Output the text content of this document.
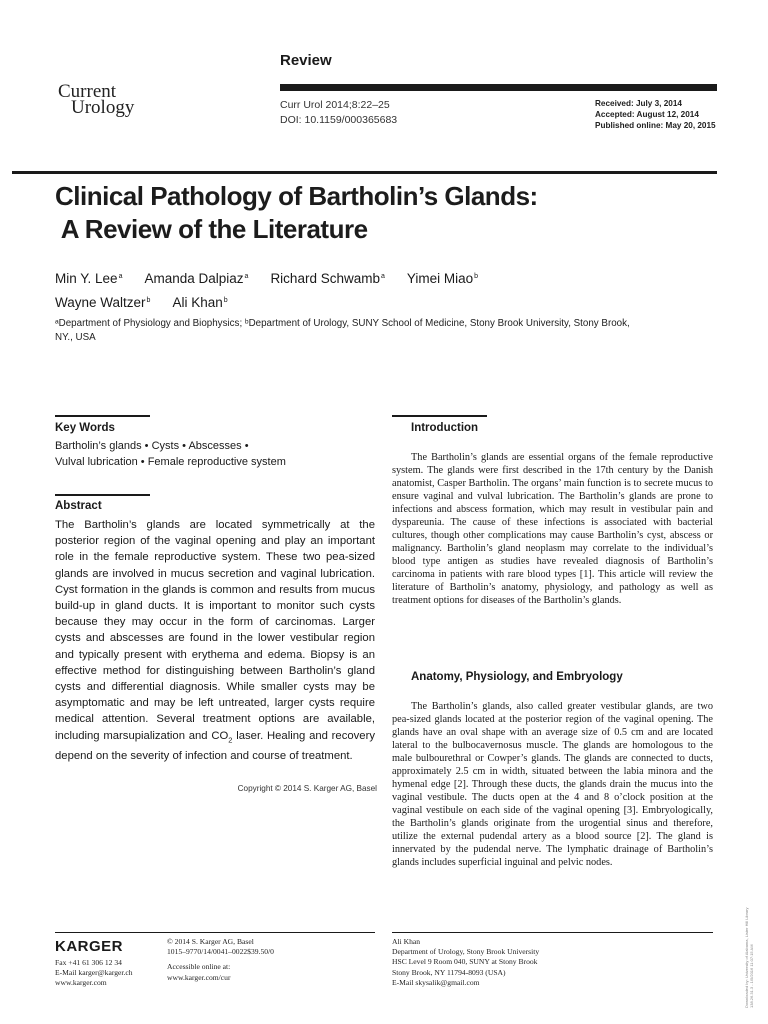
Current
Urology
Review
Curr Urol 2014;8:22–25
DOI: 10.1159/000365683
Received: July 3, 2014
Accepted: August 12, 2014
Published online: May 20, 2015
Clinical Pathology of Bartholin’s Glands:
A Review of the Literature
Min Y. Lee$^a$ Amanda Dalpiaz$^a$ Richard Schwamb$^a$ Yimei Miao$^b$
Wayne Waltzer$^b$ Ali Khan$^b$
ᵃDepartment of Physiology and Biophysics; ᵇDepartment of Urology, SUNY School of Medicine, Stony Brook University, Stony Brook, NY., USA
Key Words
Bartholin’s glands • Cysts • Abscesses •
Vulval lubrication • Female reproductive system
Abstract
The Bartholin’s glands are located symmetrically at the posterior region of the vaginal opening and play an important role in the female reproductive system. These two pea-sized glands are involved in mucus secretion and vaginal lubrication. Cyst formation in the glands is common and results from mucus build-up in gland ducts. It is important to monitor such cysts because they may occur in the form of carcinomas. Larger cysts and abscesses are found in the lower vestibular region and typically present with erythema and edema. Biopsy is an effective method for distinguishing between Bartholin’s gland cysts and differential diagnosis. While smaller cysts may be asymptomatic and may be left untreated, larger cysts require medical attention. Several treatment options are available, including marsupialization and $CO_2$ laser. Healing and recovery depend on the severity of infection and course of treatment.
Copyright © 2014 S. Karger AG, Basel
Introduction
The Bartholin’s glands are essential organs of the female reproductive system. The glands were first described in the 17th century by the Danish anatomist, Casper Bartholin. The organs’ main function is to secrete mucus to ensure vaginal and vulval lubrication. The Bartholin’s glands are prone to infections and abscess formation, which may result in vestibular pain and dyspareunia. The cause of these infections is associated with bacterial cultures, though other complications may cause Bartholin’s cyst, abscess or malignancy. Bartholin’s gland neoplasm may correlate to the individual’s blood type antigen as studies have revealed diagnosis of Bartholin’s carcinoma in patients with rare blood types [1]. This article will review the literature of Bartholin’s anatomy, physiology, and pathology as well as treatment options for diseases of the Bartholin’s glands.
Anatomy, Physiology, and Embryology
The Bartholin’s glands, also called greater vestibular glands, are two pea-sized glands located at the posterior region of the vaginal opening. The glands have an oval shape with an average size of 0.5 cm and are located lateral to the bulbocavernosus muscle. The glands are homologous to the male bulbourethral or Cowper’s glands. The glands are connected to ducts, approximately 2.5 cm in width, situated between the labia minora and the hymenal edge [2]. Through these ducts, the glands drain the mucus into the vaginal vestibule. The ducts open at the 4 and 8 o’clock position at the vaginal vestibule on each side of the vaginal opening [3]. Embryologically, the Bartholin’s glands originate from the urogential sinus and therefore, utilize the external pudendal artery as a blood source [2]. The gland is innervated by the pudendal nerve. The lymphatic drainage of Bartholin’s glands includes superficial inguinal and pelvic nodes.
Downloaded by: University of Alabama, Lister Hill Library 138.26.31.3 - 1/5/2016 11:07:15 AM
KARGER
Fax +41 61 306 12 34
E-Mail karger@karger.ch
www.karger.com
© 2014 S. Karger AG, Basel
1015–9770/14/0041–0022$39.50/0
Accessible online at:
www.karger.com/cur
Ali Khan
Department of Urology, Stony Brook University
HSC Level 9 Room 040, SUNY at Stony Brook
Stony Brook, NY 11794-8093 (USA)
E-Mail skysalik@gmail.com
